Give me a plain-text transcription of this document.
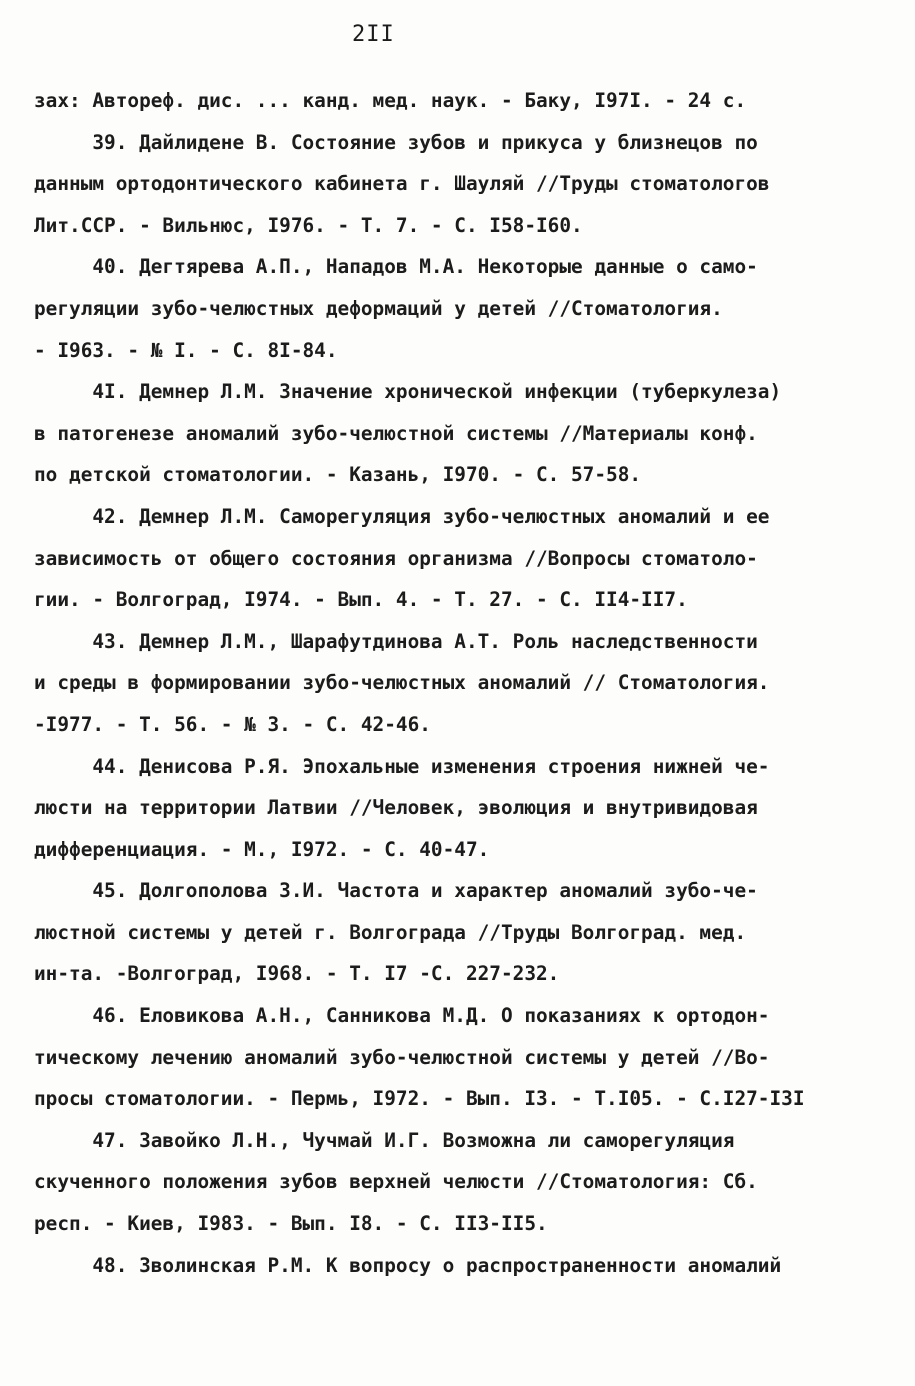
2II
зах: Автореф. дис. ... канд. мед. наук. - Баку, I97I. - 24 с.
39. Дайлидене В. Состояние зубов и прикуса у близнецов по
данным ортодонтического кабинета г. Шауляй //Труды стоматологов
Лит.ССР. - Вильнюс, I976. - Т. 7. - С. I58-I60.
40. Дегтярева А.П., Нападов М.А. Некоторые данные о само-
регуляции зубо-челюстных деформаций у детей //Стоматология.
- I963. - № I. - С. 8I-84.
4I. Демнер Л.М. Значение хронической инфекции (туберкулеза)
в патогенезе аномалий зубо-челюстной системы //Материалы конф.
по детской стоматологии. - Казань, I970. - С. 57-58.
42. Демнер Л.М. Саморегуляция зубо-челюстных аномалий и ее
зависимость от общего состояния организма //Вопросы стоматоло-
гии. - Волгоград, I974. - Вып. 4. - Т. 27. - С. II4-II7.
43. Демнер Л.М., Шарафутдинова А.Т. Роль наследственности
и среды в формировании зубо-челюстных аномалий // Стоматология.
-I977. - Т. 56. - № 3. - С. 42-46.
44. Денисова Р.Я. Эпохальные изменения строения нижней че-
люсти на территории Латвии //Человек, эволюция и внутривидовая
дифференциация. - М., I972. - С. 40-47.
45. Долгополова З.И. Частота и характер аномалий зубо-че-
люстной системы у детей г. Волгограда //Труды Волгоград. мед.
ин-та. -Волгоград, I968. - Т. I7 -С. 227-232.
46. Еловикова А.Н., Санникова М.Д. О показаниях к ортодон-
тическому лечению аномалий зубо-челюстной системы у детей //Во-
просы стоматологии. - Пермь, I972. - Вып. I3. - Т.I05. - С.I27-I3I
47. Завойко Л.Н., Чучмай И.Г. Возможна ли саморегуляция
скученного положения зубов верхней челюсти //Стоматология: Сб.
респ. - Киев, I983. - Вып. I8. - С. II3-II5.
48. Зволинская Р.М. К вопросу о распространенности аномалий
